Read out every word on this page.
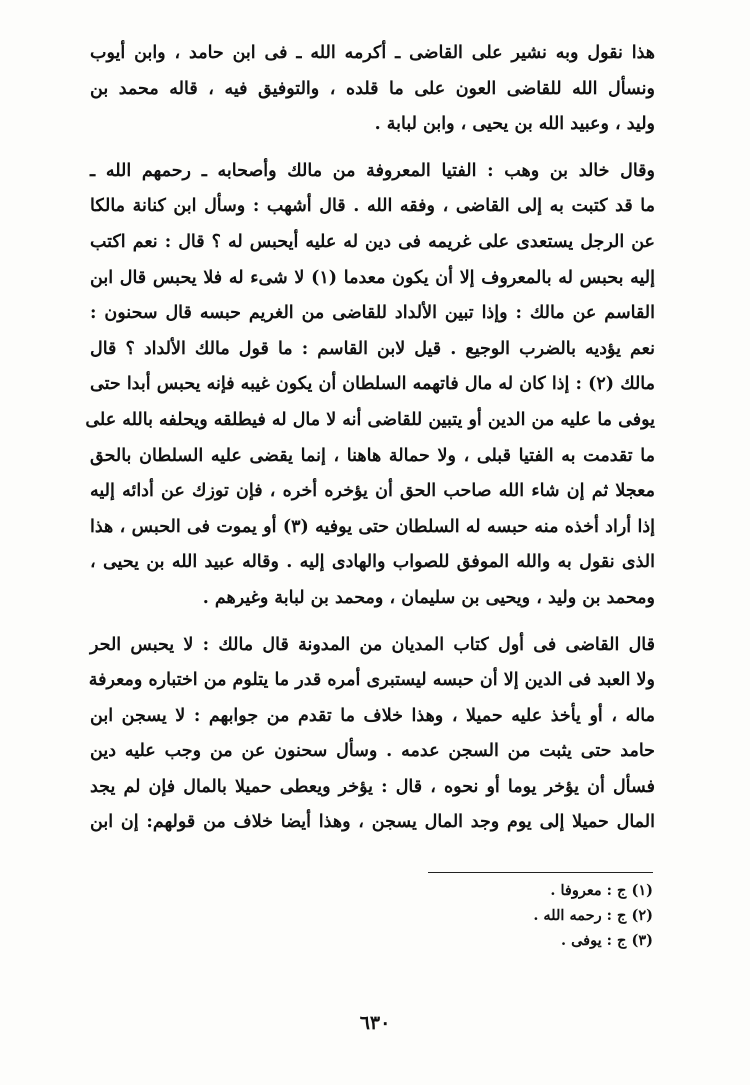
هذا نقول وبه نشير على القاضى ـ أكرمه الله ـ فى ابن حامد ، وابن أيوب
ونسأل الله للقاضى العون على ما قلده ، والتوفيق فيه ، قاله محمد بن
وليد ، وعبيد الله بن يحيى ، وابن لبابة .

وقال خالد بن وهب : الفتيا المعروفة من مالك وأصحابه ـ رحمهم الله ـ
ما قد كتبت به إلى القاضى ، وفقه الله . قال أشهب : وسأل ابن كنانة مالكا
عن الرجل يستعدى على غريمه فى دين له عليه أيحبس له ؟ قال : نعم اكتب
إليه بحبس له بالمعروف إلا أن يكون معدما (١) لا شىء له فلا يحبس قال ابن
القاسم عن مالك : وإذا تبين الألداد للقاضى من الغريم حبسه قال سحنون :
نعم يؤديه بالضرب الوجيع . قيل لابن القاسم : ما قول مالك الألداد ؟ قال
مالك (٢) : إذا كان له مال فاتهمه السلطان أن يكون غيبه فإنه يحبس أبدا حتى
يوفى ما عليه من الدين أو يتبين للقاضى أنه لا مال له فيطلقه ويحلفه بالله على
ما تقدمت به الفتيا قبلى ، ولا حمالة هاهنا ، إنما يقضى عليه السلطان بالحق
معجلا ثم إن شاء الله صاحب الحق أن يؤخره أخره ، فإن توزك عن أدائه إليه
إذا أراد أخذه منه حبسه له السلطان حتى يوفيه (٣) أو يموت فى الحبس ، هذا
الذى نقول به والله الموفق للصواب والهادى إليه . وقاله عبيد الله بن يحيى ،
ومحمد بن وليد ، ويحيى بن سليمان ، ومحمد بن لبابة وغيرهم .

قال القاضى فى أول كتاب المديان من المدونة قال مالك : لا يحبس الحر
ولا العبد فى الدين إلا أن حبسه ليستبرى أمره قدر ما يتلوم من اختباره ومعرفة
ماله ، أو يأخذ عليه حميلا ، وهذا خلاف ما تقدم من جوابهم : لا يسجن ابن
حامد حتى يثبت من السجن عدمه . وسأل سحنون عن من وجب عليه دين
فسأل أن يؤخر يوما أو نحوه ، قال : يؤخر ويعطى حميلا بالمال فإن لم يجد
المال حميلا إلى يوم وجد المال يسجن ، وهذا أيضا خلاف من قولهم: إن ابن

(١) ج : معروفا .
(٢) ج : رحمه الله .
(٣) ج : يوفى .
٦٣٠
